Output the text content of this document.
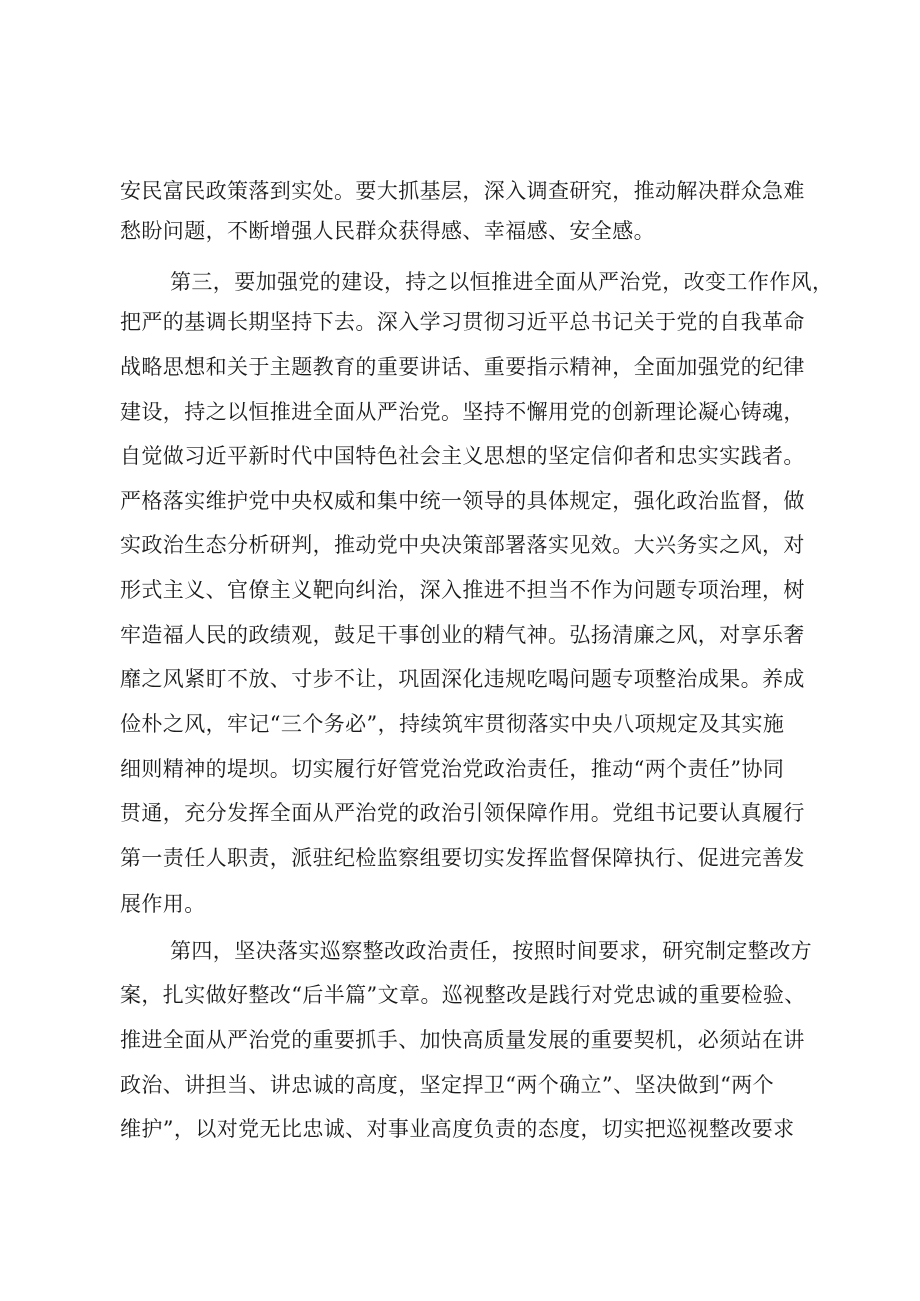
安民富民政策落到实处。要大抓基层，深入调查研究，推动解决群众急难
愁盼问题，不断增强人民群众获得感、幸福感、安全感。
第三，要加强党的建设，持之以恒推进全面从严治党，改变工作作风，
把严的基调长期坚持下去。深入学习贯彻习近平总书记关于党的自我革命
战略思想和关于主题教育的重要讲话、重要指示精神，全面加强党的纪律
建设，持之以恒推进全面从严治党。坚持不懈用党的创新理论凝心铸魂，
自觉做习近平新时代中国特色社会主义思想的坚定信仰者和忠实实践者。
严格落实维护党中央权威和集中统一领导的具体规定，强化政治监督，做
实政治生态分析研判，推动党中央决策部署落实见效。大兴务实之风，对
形式主义、官僚主义靶向纠治，深入推进不担当不作为问题专项治理，树
牢造福人民的政绩观，鼓足干事创业的精气神。弘扬清廉之风，对享乐奢
靡之风紧盯不放、寸步不让，巩固深化违规吃喝问题专项整治成果。养成
俭朴之风，牢记“三个务必”，持续筑牢贯彻落实中央八项规定及其实施
细则精神的堤坝。切实履行好管党治党政治责任，推动“两个责任”协同
贯通，充分发挥全面从严治党的政治引领保障作用。党组书记要认真履行
第一责任人职责，派驻纪检监察组要切实发挥监督保障执行、促进完善发
展作用。
第四，坚决落实巡察整改政治责任，按照时间要求，研究制定整改方
案，扎实做好整改“后半篇”文章。巡视整改是践行对党忠诚的重要检验、
推进全面从严治党的重要抓手、加快高质量发展的重要契机，必须站在讲
政治、讲担当、讲忠诚的高度，坚定捍卫“两个确立”、坚决做到“两个
维护”，以对党无比忠诚、对事业高度负责的态度，切实把巡视整改要求
